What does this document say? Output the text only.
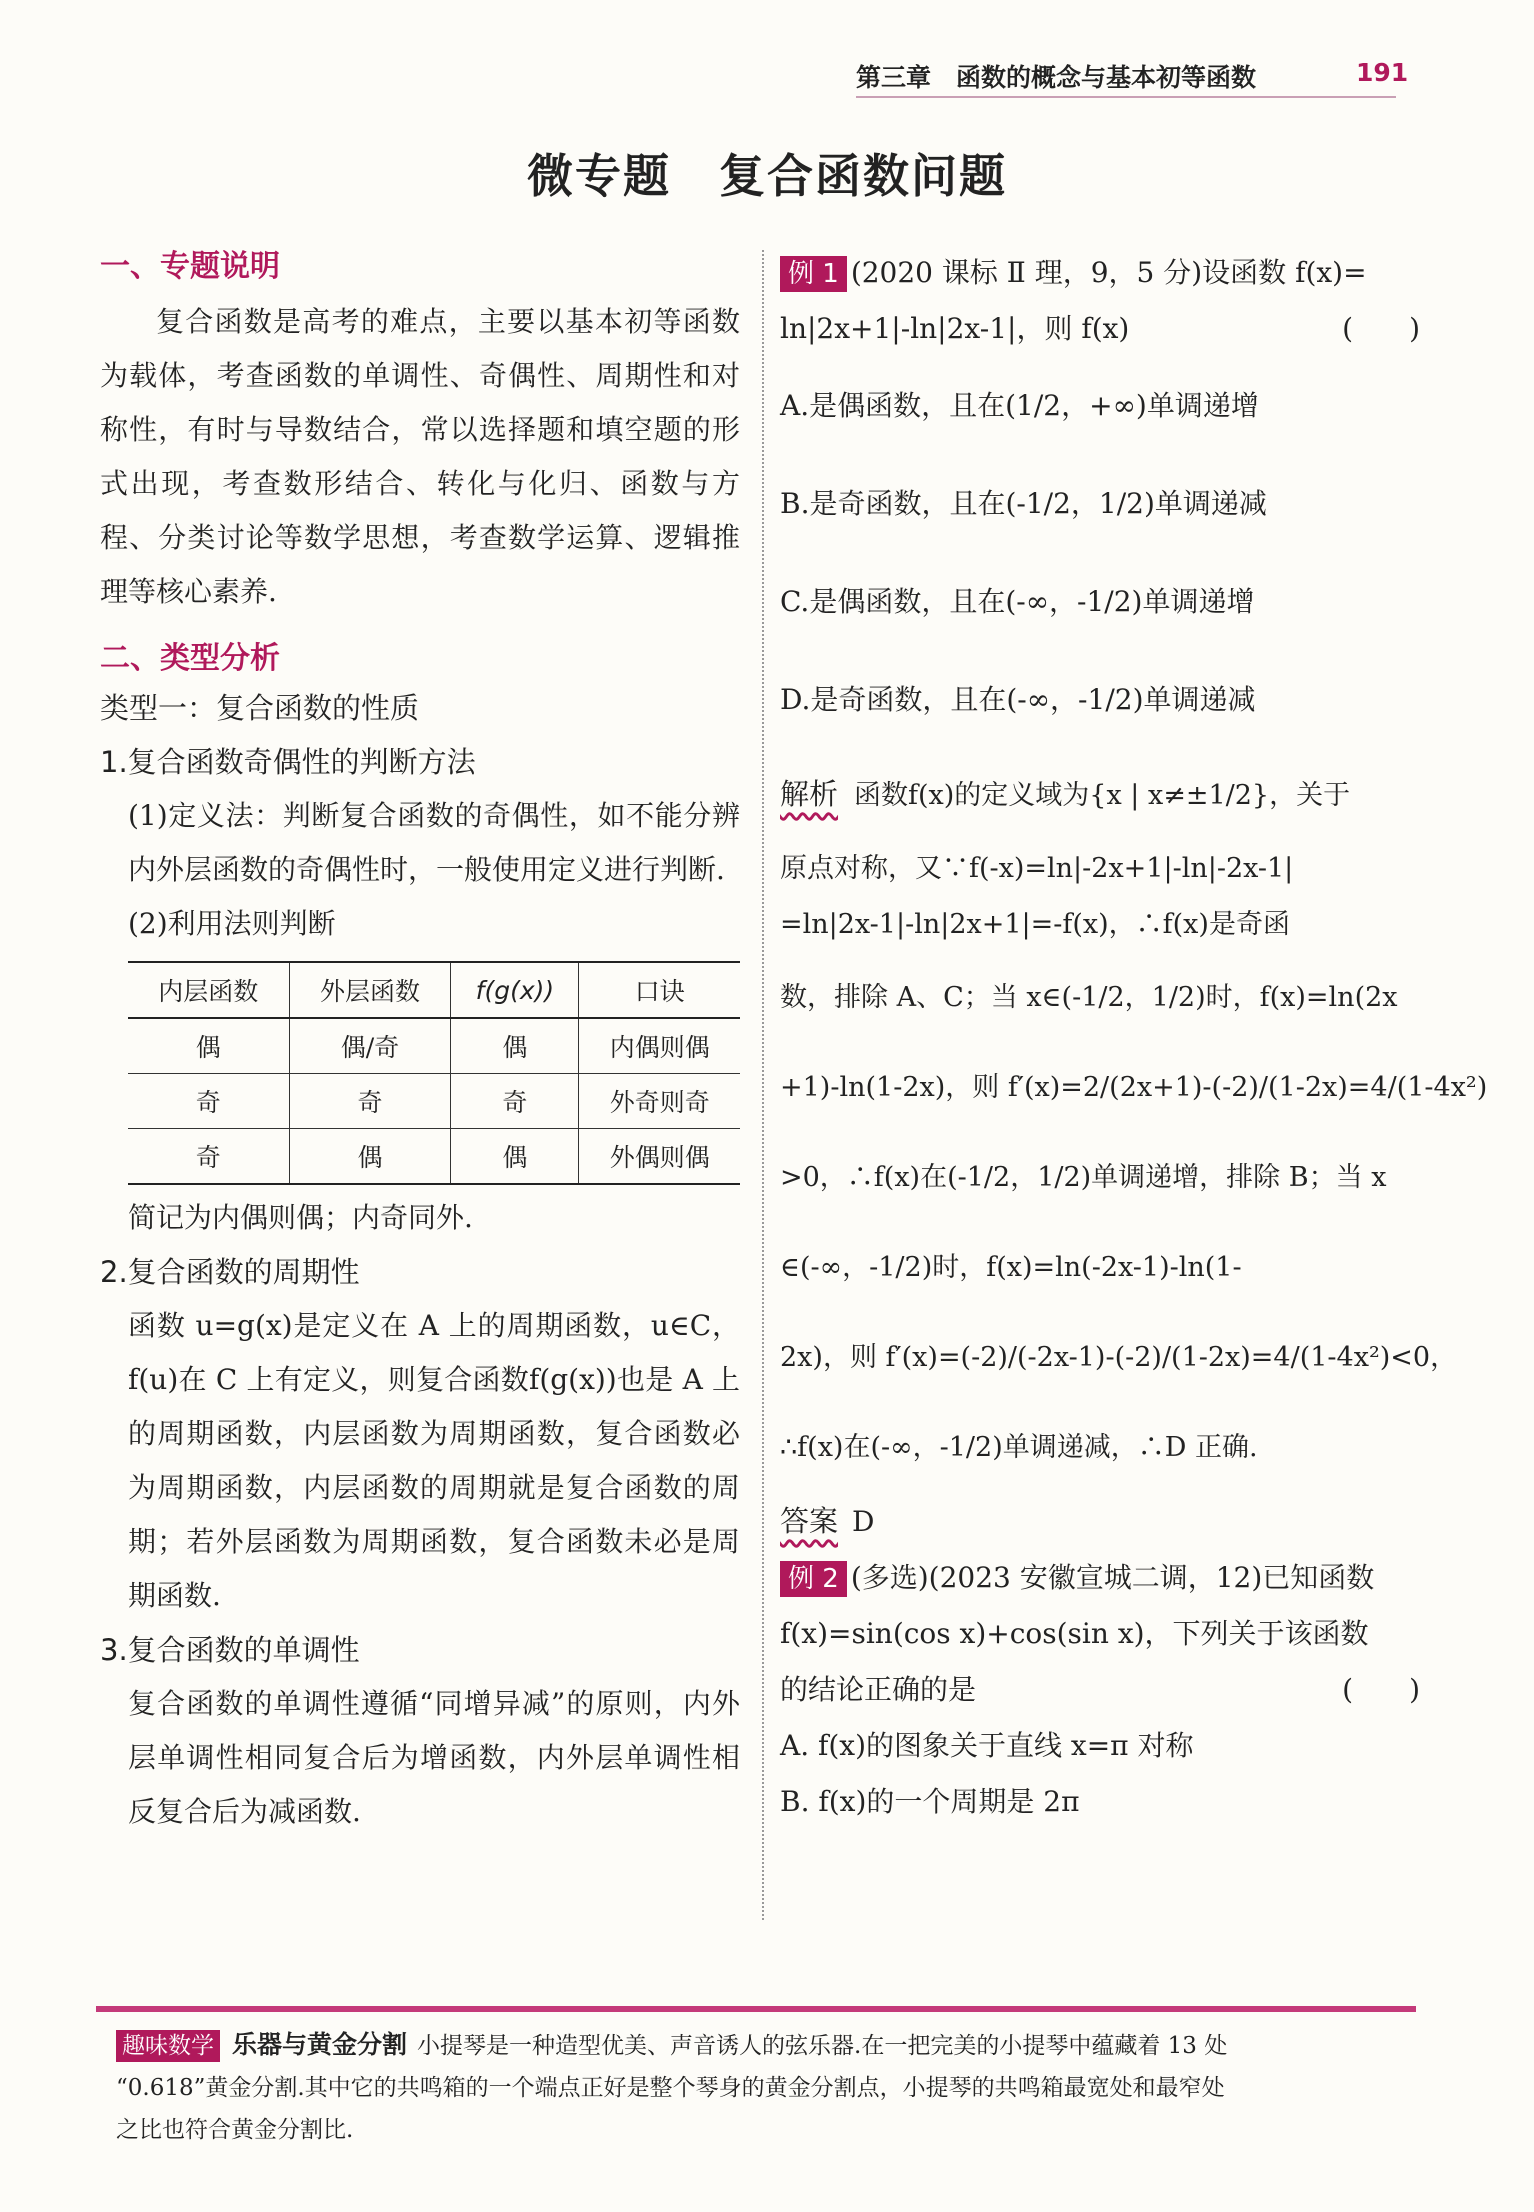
第三章　函数的概念与基本初等函数	191
微专题　复合函数问题
一、专题说明

复合函数是高考的难点，主要以基本初等函数为载体，考查函数的单调性、奇偶性、周期性和对称性，有时与导数结合，常以选择题和填空题的形式出现，考查数形结合、转化与化归、函数与方程、分类讨论等数学思想，考查数学运算、逻辑推理等核心素养.

二、类型分析
类型一：复合函数的性质
1.复合函数奇偶性的判断方法

(1)定义法：判断复合函数的奇偶性，如不能分辨内外层函数的奇偶性时，一般使用定义进行判断.

(2)利用法则判断

内层函数	外层函数	f(g(x))	口诀
偶	偶/奇	偶	内偶则偶
奇	奇	奇	外奇则奇
奇	偶	偶	外偶则偶

简记为内偶则偶；内奇同外.

2.复合函数的周期性

函数 u=g(x)是定义在 A 上的周期函数，u∈C，f(u)在 C 上有定义，则复合函数f(g(x))也是 A 上的周期函数，内层函数为周期函数，复合函数必为周期函数，内层函数的周期就是复合函数的周期；若外层函数为周期函数，复合函数未必是周期函数.

3.复合函数的单调性

复合函数的单调性遵循“同增异减”的原则，内外层单调性相同复合后为增函数，内外层单调性相反复合后为减函数.

例 1 (2020 课标 Ⅱ 理，9，5 分)设函数 f(x)=
ln|2x+1|-ln|2x-1|，则 f(x)	(　　)
A.是偶函数，且在(1/2，+∞)单调递增
B.是奇函数，且在(-1/2，1/2)单调递减
C.是偶函数，且在(-∞，-1/2)单调递增
D.是奇函数，且在(-∞，-1/2)单调递减

解析 函数f(x)的定义域为{x | x≠±1/2}，关于

原点对称，又∵f(-x)=ln|-2x+1|-ln|-2x-1|

=ln|2x-1|-ln|2x+1|=-f(x)，∴f(x)是奇函

数，排除 A、C；当 x∈(-1/2，1/2)时，f(x)=ln(2x

+1)-ln(1-2x)，则 f′(x)=2/(2x+1)-(-2)/(1-2x)=4/(1-4x²)

>0，∴f(x)在(-1/2，1/2)单调递增，排除 B；当 x

∈(-∞，-1/2)时，f(x)=ln(-2x-1)-ln(1-

2x)，则 f′(x)=(-2)/(-2x-1)-(-2)/(1-2x)=4/(1-4x²)<0，

∴f(x)在(-∞，-1/2)单调递减，∴D 正确.

答案 D
例 2 (多选)(2023 安徽宣城二调，12)已知函数
f(x)=sin(cos x)+cos(sin x)，下列关于该函数
的结论正确的是	(　　)
A. f(x)的图象关于直线 x=π 对称
B. f(x)的一个周期是 2π

趣味数学 乐器与黄金分割 小提琴是一种造型优美、声音诱人的弦乐器.在一把完美的小提琴中蕴藏着 13 处

“0.618”黄金分割.其中它的共鸣箱的一个端点正好是整个琴身的黄金分割点，小提琴的共鸣箱最宽处和最窄处

之比也符合黄金分割比.
